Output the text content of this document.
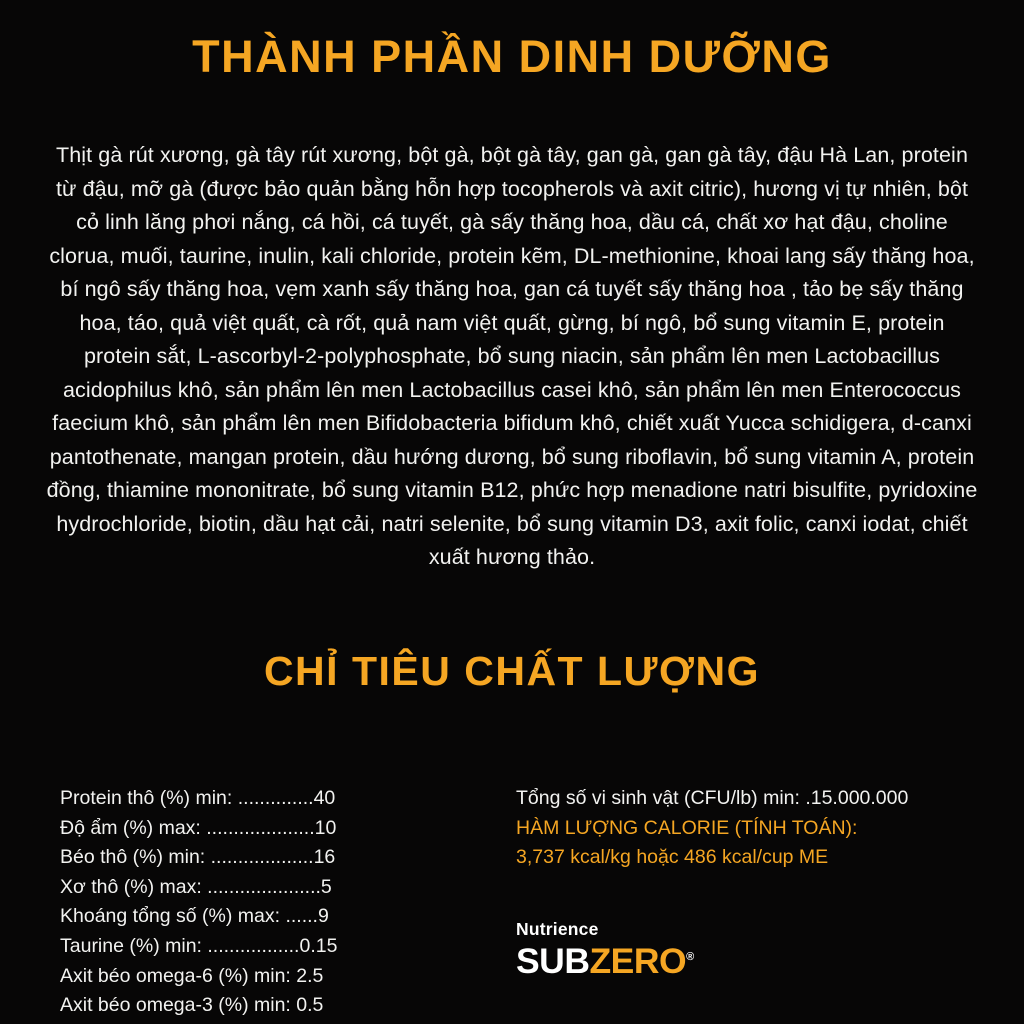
THÀNH PHẦN DINH DƯỠNG
Thịt gà rút xương, gà tây rút xương, bột gà, bột gà tây, gan gà, gan gà tây, đậu Hà Lan, protein từ đậu, mỡ gà (được bảo quản bằng hỗn hợp tocopherols và axit citric), hương vị tự nhiên, bột cỏ linh lăng phơi nắng, cá hồi, cá tuyết, gà sấy thăng hoa, dầu cá, chất xơ hạt đậu, choline clorua, muối, taurine, inulin, kali chloride, protein kẽm, DL-methionine, khoai lang sấy thăng hoa, bí ngô sấy thăng hoa, vẹm xanh sấy thăng hoa, gan cá tuyết sấy thăng hoa , tảo bẹ sấy thăng hoa, táo, quả việt quất, cà rốt, quả nam việt quất, gừng, bí ngô, bổ sung vitamin E, protein protein sắt, L-ascorbyl-2-polyphosphate, bổ sung niacin, sản phẩm lên men Lactobacillus acidophilus khô, sản phẩm lên men Lactobacillus casei khô, sản phẩm lên men Enterococcus faecium khô, sản phẩm lên men Bifidobacteria bifidum khô, chiết xuất Yucca schidigera, d-canxi pantothenate, mangan protein, dầu hướng dương, bổ sung riboflavin, bổ sung vitamin A, protein đồng, thiamine mononitrate, bổ sung vitamin B12, phức hợp menadione natri bisulfite, pyridoxine hydrochloride, biotin, dầu hạt cải, natri selenite, bổ sung vitamin D3, axit folic, canxi iodat, chiết xuất hương thảo.
CHỈ TIÊU CHẤT LƯỢNG
Protein thô (%) min: ..............40
Độ ẩm (%) max: ....................10
Béo thô (%) min: ...................16
Xơ thô (%) max: .....................5
Khoáng tổng số (%) max: ......9
Taurine (%) min: .................0.15
Axit béo omega-6 (%) min: 2.5
Axit béo omega-3 (%) min: 0.5
Tổng số vi sinh vật (CFU/lb) min: .15.000.000
HÀM LƯỢNG CALORIE (TÍNH TOÁN):
3,737 kcal/kg hoặc 486 kcal/cup ME
Nutrience
SUBZERO®
